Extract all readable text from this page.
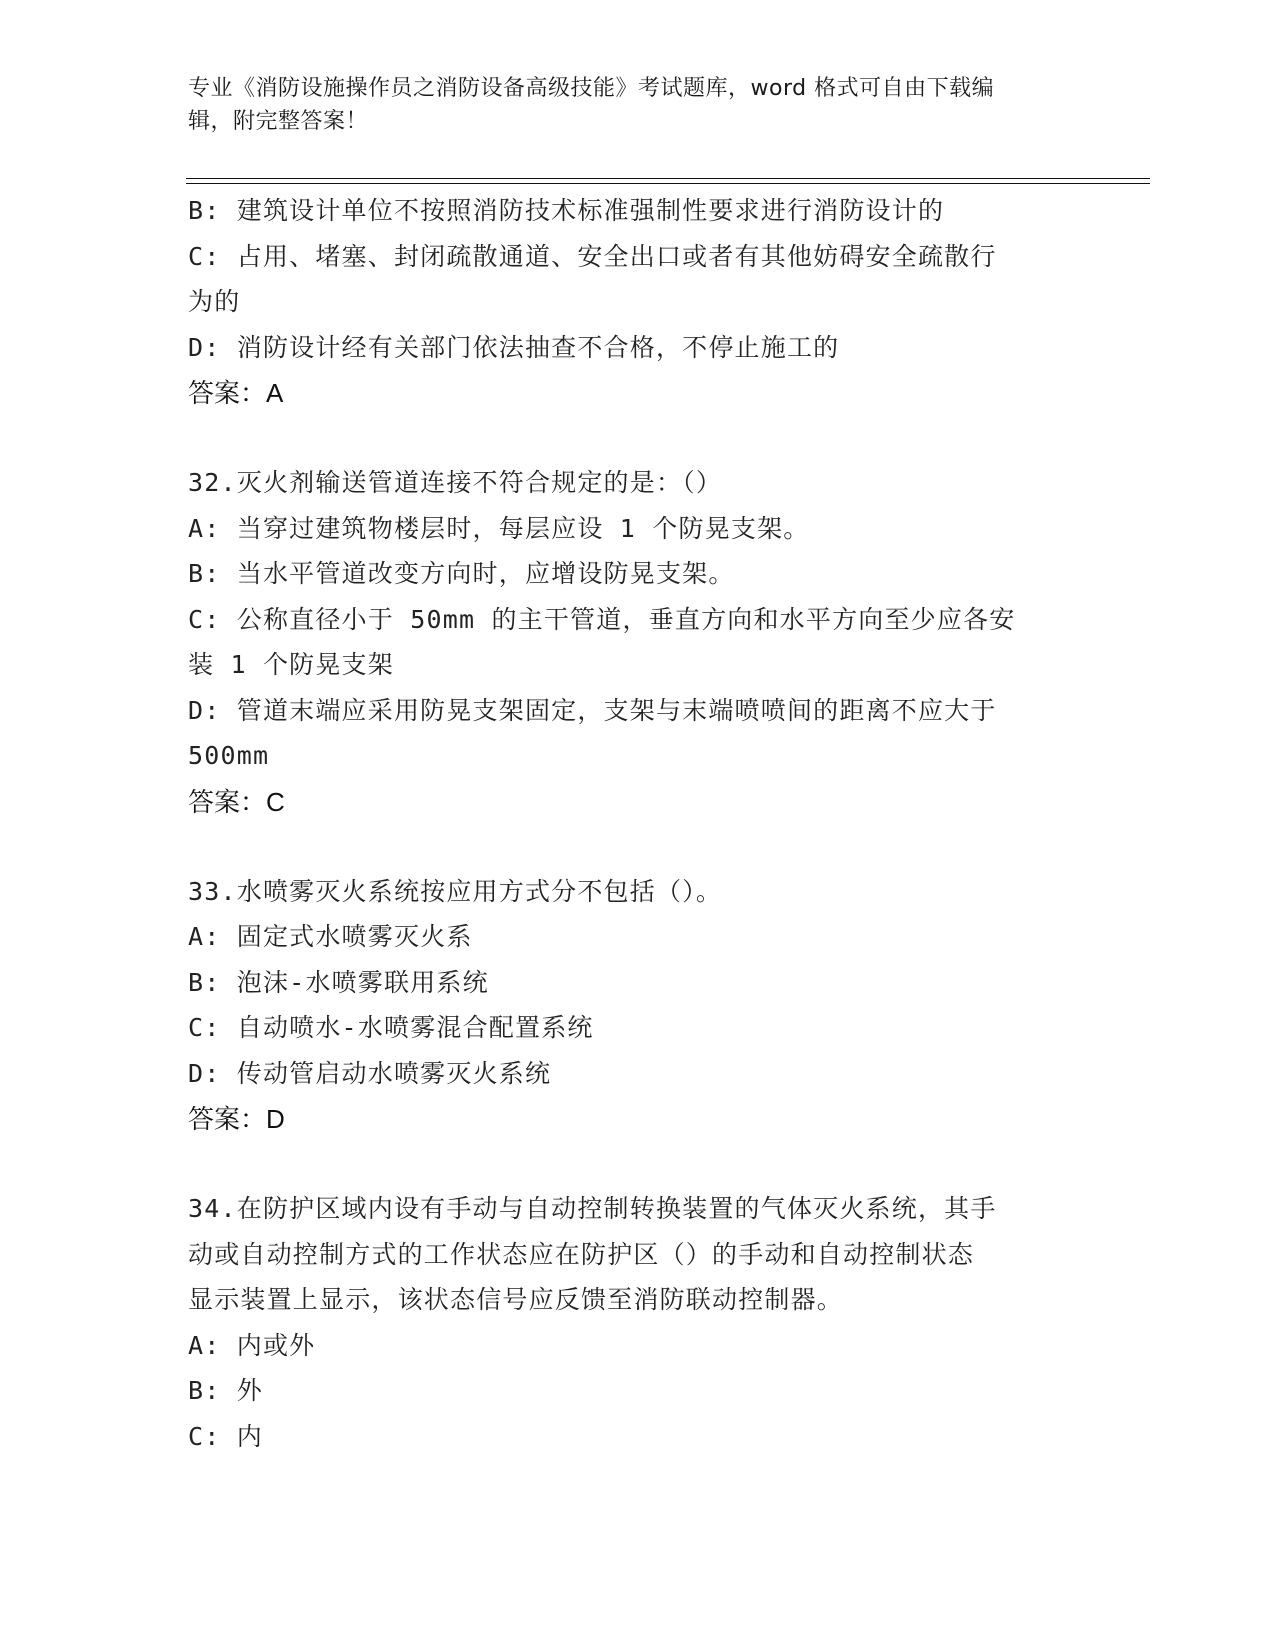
专业《消防设施操作员之消防设备高级技能》考试题库，word 格式可自由下载编
辑，附完整答案！
B: 建筑设计单位不按照消防技术标准强制性要求进行消防设计的
C: 占用、堵塞、封闭疏散通道、安全出口或者有其他妨碍安全疏散行
为的
D: 消防设计经有关部门依法抽查不合格，不停止施工的
答案：A
32.灭火剂输送管道连接不符合规定的是：（）
A: 当穿过建筑物楼层时，每层应设 1 个防晃支架。
B: 当水平管道改变方向时，应增设防晃支架。
C: 公称直径小于 50mm 的主干管道，垂直方向和水平方向至少应各安
装 1 个防晃支架
D: 管道末端应采用防晃支架固定，支架与末端喷喷间的距离不应大于
500mm
答案：C
33.水喷雾灭火系统按应用方式分不包括（）。
A: 固定式水喷雾灭火系
B: 泡沫-水喷雾联用系统
C: 自动喷水-水喷雾混合配置系统
D: 传动管启动水喷雾灭火系统
答案：D
34.在防护区域内设有手动与自动控制转换装置的气体灭火系统，其手
动或自动控制方式的工作状态应在防护区（）的手动和自动控制状态
显示装置上显示，该状态信号应反馈至消防联动控制器。
A: 内或外
B: 外
C: 内
